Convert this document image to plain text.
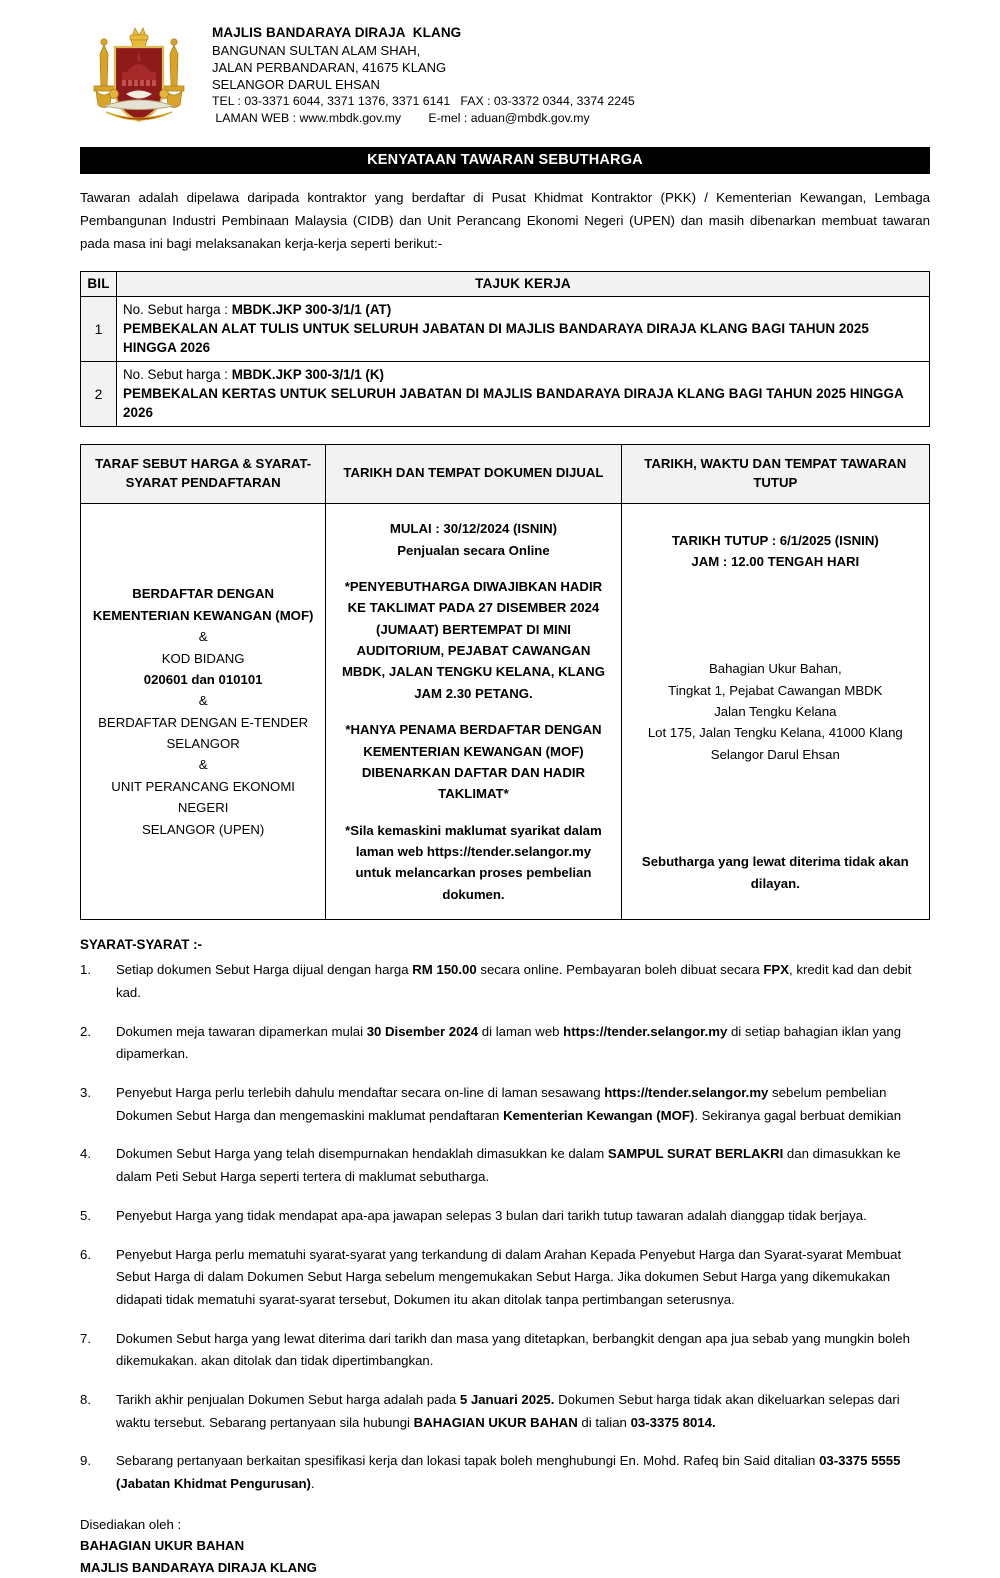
MAJLIS BANDARAYA DIRAJA  KLANG
BANGUNAN SULTAN ALAM SHAH,
JALAN PERBANDARAN, 41675 KLANG
SELANGOR DARUL EHSAN
TEL : 03-3371 6044, 3371 1376, 3371 6141   FAX : 03-3372 0344, 3374 2245
LAMAN WEB : www.mbdk.gov.my        E-mel : aduan@mbdk.gov.my
KENYATAAN TAWARAN SEBUTHARGA
Tawaran adalah dipelawa daripada kontraktor yang berdaftar di Pusat Khidmat Kontraktor (PKK) / Kementerian Kewangan, Lembaga Pembangunan Industri Pembinaan Malaysia (CIDB) dan Unit Perancang Ekonomi Negeri (UPEN) dan masih dibenarkan membuat tawaran pada masa ini bagi melaksanakan kerja-kerja seperti berikut:-
BIL	TAJUK KERJA
1	No. Sebut harga : MBDK.JKP 300-3/1/1 (AT)
PEMBEKALAN ALAT TULIS UNTUK SELURUH JABATAN DI MAJLIS BANDARAYA DIRAJA KLANG BAGI TAHUN 2025 HINGGA 2026
2	No. Sebut harga : MBDK.JKP 300-3/1/1 (K)
PEMBEKALAN KERTAS UNTUK SELURUH JABATAN DI MAJLIS BANDARAYA DIRAJA KLANG BAGI TAHUN 2025 HINGGA 2026
TARAF SEBUT HARGA & SYARAT-SYARAT PENDAFTARAN	TARIKH DAN TEMPAT DOKUMEN DIJUAL	TARIKH, WAKTU DAN TEMPAT TAWARAN TUTUP

BERDAFTAR DENGAN
KEMENTERIAN KEWANGAN (MOF)
&
KOD BIDANG
020601 dan 010101
&
BERDAFTAR DENGAN E-TENDER
SELANGOR
&
UNIT PERANCANG EKONOMI NEGERI
SELANGOR (UPEN)

MULAI : 30/12/2024 (ISNIN)
Penjualan secara Online
*PENYEBUTHARGA DIWAJIBKAN HADIR KE TAKLIMAT PADA 27 DISEMBER 2024 (JUMAAT) BERTEMPAT DI MINI AUDITORIUM, PEJABAT CAWANGAN MBDK, JALAN TENGKU KELANA, KLANG JAM 2.30 PETANG.
*HANYA PENAMA BERDAFTAR DENGAN KEMENTERIAN KEWANGAN (MOF) DIBENARKAN DAFTAR DAN HADIR TAKLIMAT*
*Sila kemaskini maklumat syarikat dalam laman web https://tender.selangor.my untuk melancarkan proses pembelian dokumen.

TARIKH TUTUP : 6/1/2025 (ISNIN)
JAM : 12.00 TENGAH HARI
Bahagian Ukur Bahan,
Tingkat 1, Pejabat Cawangan MBDK
Jalan Tengku Kelana
Lot 175, Jalan Tengku Kelana, 41000 Klang
Selangor Darul Ehsan
Sebutharga yang lewat diterima tidak akan dilayan.
SYARAT-SYARAT :-
Setiap dokumen Sebut Harga dijual dengan harga RM 150.00 secara online. Pembayaran boleh dibuat secara FPX, kredit kad dan debit kad.
Dokumen meja tawaran dipamerkan mulai 30 Disember 2024 di laman web https://tender.selangor.my di setiap bahagian iklan yang dipamerkan.
Penyebut Harga perlu terlebih dahulu mendaftar secara on-line di laman sesawang https://tender.selangor.my sebelum pembelian Dokumen Sebut Harga dan mengemaskini maklumat pendaftaran Kementerian Kewangan (MOF). Sekiranya gagal berbuat demikian
Dokumen Sebut Harga yang telah disempurnakan hendaklah dimasukkan ke dalam SAMPUL SURAT BERLAKRI dan dimasukkan ke dalam Peti Sebut Harga seperti tertera di maklumat sebutharga.
Penyebut Harga yang tidak mendapat apa-apa jawapan selepas 3 bulan dari tarikh tutup tawaran adalah dianggap tidak berjaya.
Penyebut Harga perlu mematuhi syarat-syarat yang terkandung di dalam Arahan Kepada Penyebut Harga dan Syarat-syarat Membuat Sebut Harga di dalam Dokumen Sebut Harga sebelum mengemukakan Sebut Harga. Jika dokumen Sebut Harga yang dikemukakan didapati tidak mematuhi syarat-syarat tersebut, Dokumen itu akan ditolak tanpa pertimbangan seterusnya.
Dokumen Sebut harga yang lewat diterima dari tarikh dan masa yang ditetapkan, berbangkit dengan apa jua sebab yang mungkin boleh dikemukakan. akan ditolak dan tidak dipertimbangkan.
Tarikh akhir penjualan Dokumen Sebut harga adalah pada 5 Januari 2025. Dokumen Sebut harga tidak akan dikeluarkan selepas dari waktu tersebut. Sebarang pertanyaan sila hubungi BAHAGIAN UKUR BAHAN di talian 03-3375 8014.
Sebarang pertanyaan berkaitan spesifikasi kerja dan lokasi tapak boleh menghubungi En. Mohd. Rafeq bin Said ditalian 03-3375 5555 (Jabatan Khidmat Pengurusan).
Disediakan oleh :
BAHAGIAN UKUR BAHAN
MAJLIS BANDARAYA DIRAJA KLANG
